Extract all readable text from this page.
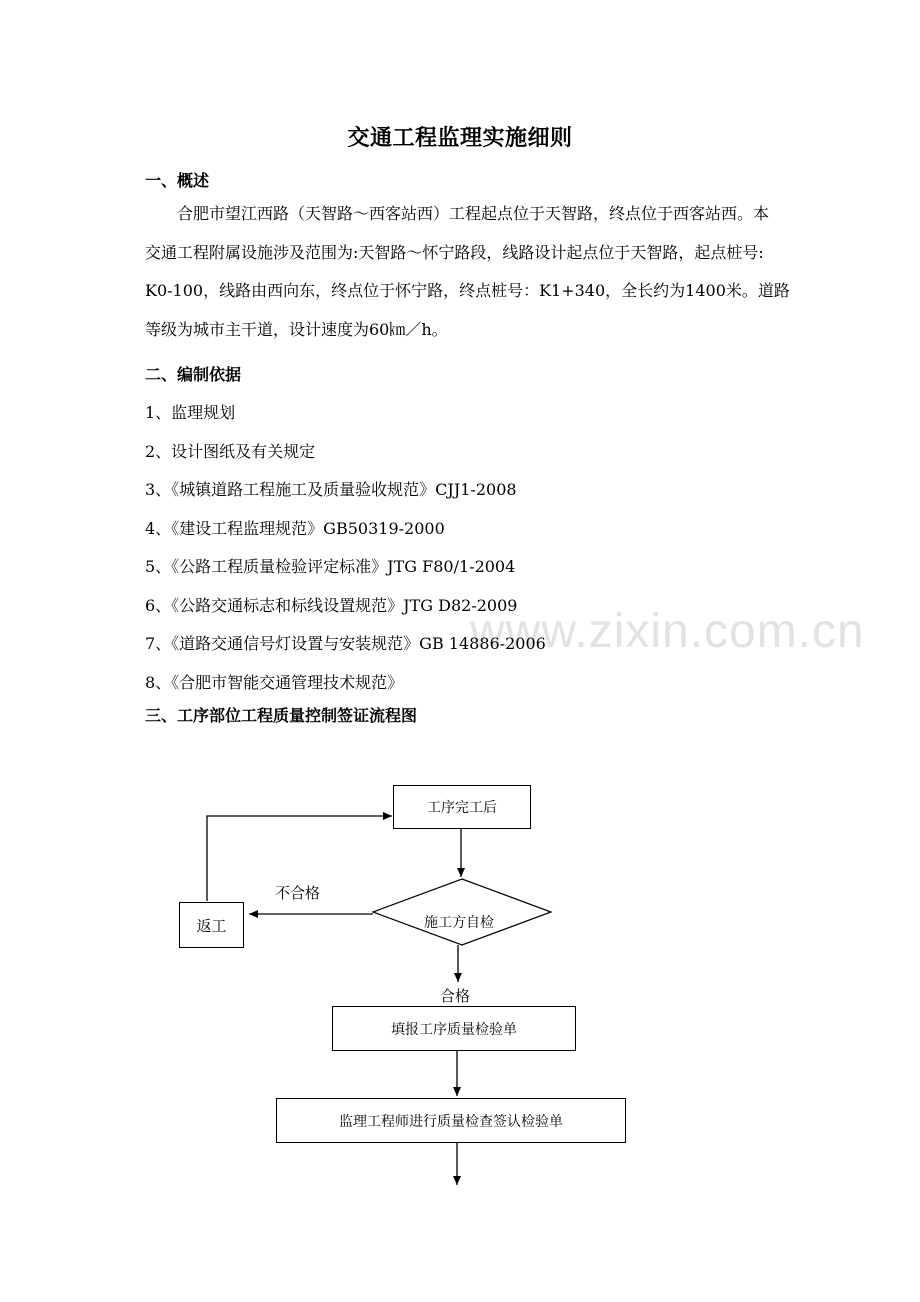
www.zixin.com.cn
交通工程监理实施细则
一、概述
合肥市望江西路（天智路～西客站西）工程起点位于天智路，终点位于西客站西。本
交通工程附属设施涉及范围为:天智路～怀宁路段，线路设计起点位于天智路，起点桩号:
K0-100，线路由西向东，终点位于怀宁路，终点桩号：K1+340，全长约为1400米。道路
等级为城市主干道，设计速度为60㎞／h。
二、编制依据
1、监理规划
2、设计图纸及有关规定
3、《城镇道路工程施工及质量验收规范》CJJ1-2008
4、《建设工程监理规范》GB50319-2000
5、《公路工程质量检验评定标准》JTG F80/1-2004
6、《公路交通标志和标线设置规范》JTG D82-2009
7、《道路交通信号灯设置与安装规范》GB 14886-2006
8、《合肥市智能交通管理技术规范》
三、工序部位工程质量控制签证流程图
工序完工后
施工方自检
返工
不合格
合格
填报工序质量检验单
监理工程师进行质量检查签认检验单
